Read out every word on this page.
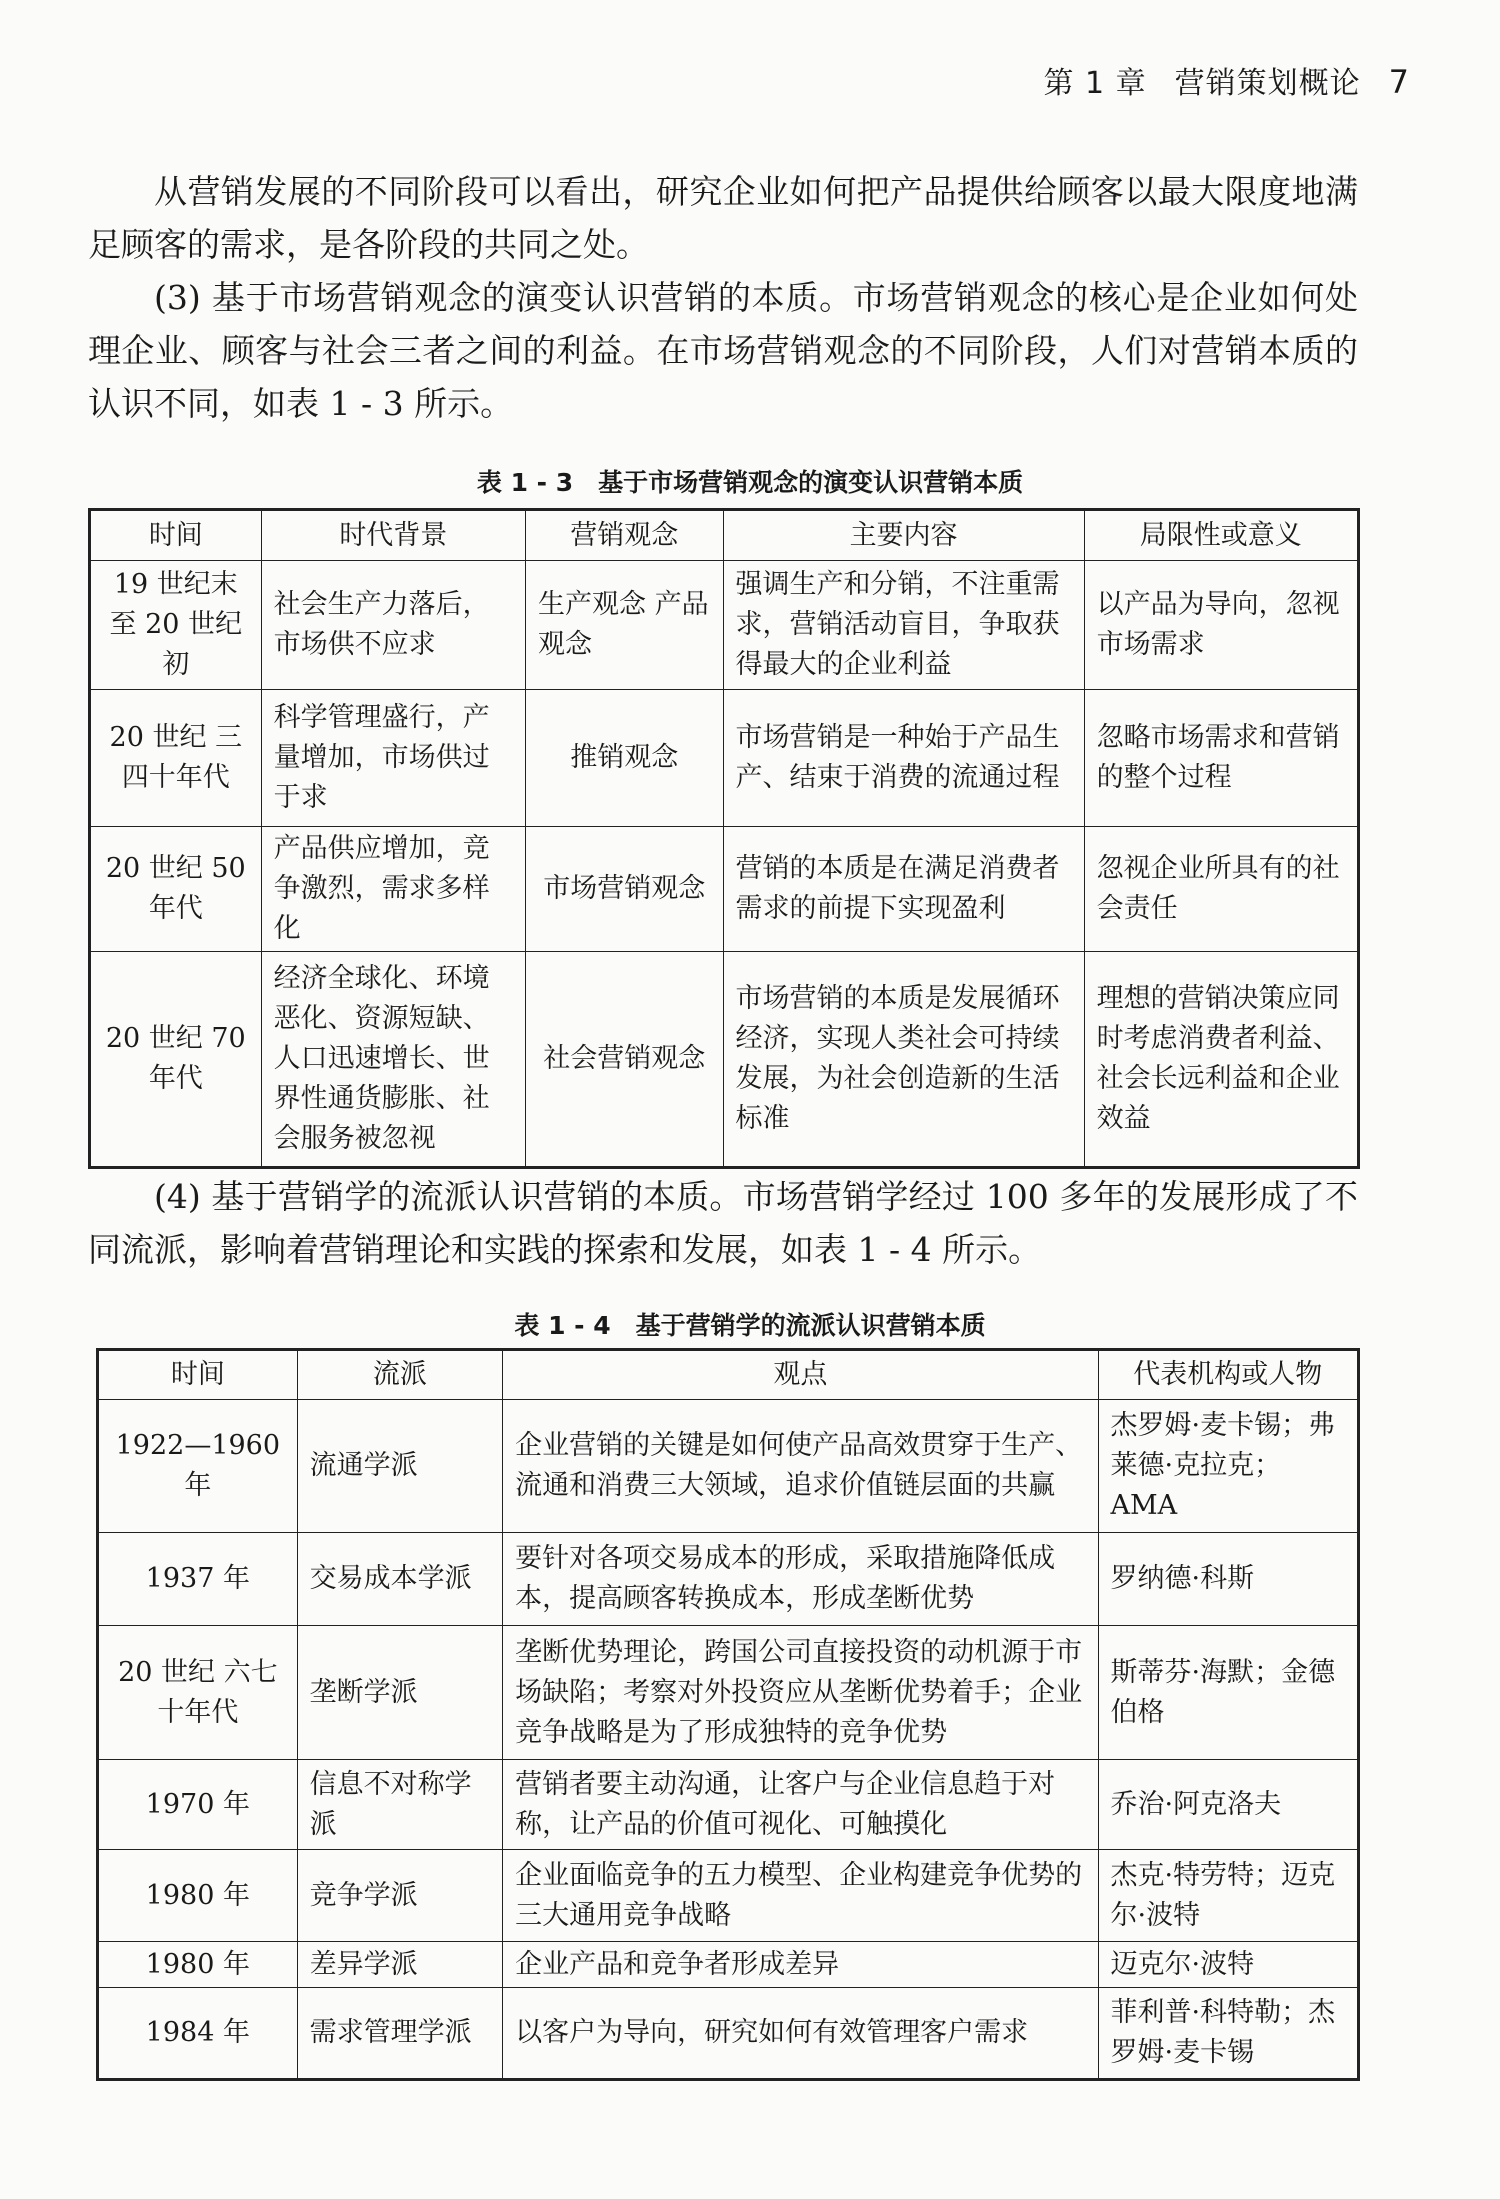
第 1 章 营销策划概论 7

从营销发展的不同阶段可以看出，研究企业如何把产品提供给顾客以最大限度地满足顾客的需求，是各阶段的共同之处。

(3) 基于市场营销观念的演变认识营销的本质。市场营销观念的核心是企业如何处理企业、顾客与社会三者之间的利益。在市场营销观念的不同阶段，人们对营销本质的认识不同，如表 1 - 3 所示。

表 1 - 3　基于市场营销观念的演变认识营销本质
时间	时代背景	营销观念	主要内容	局限性或意义
19 世纪末至 20 世纪初	社会生产力落后，市场供不应求	生产观念 产品观念	强调生产和分销，不注重需求，营销活动盲目，争取获得最大的企业利益	以产品为导向，忽视市场需求
20 世纪 三四十年代	科学管理盛行，产量增加，市场供过于求	推销观念	市场营销是一种始于产品生产、结束于消费的流通过程	忽略市场需求和营销的整个过程
20 世纪 50 年代	产品供应增加，竞争激烈，需求多样化	市场营销观念	营销的本质是在满足消费者需求的前提下实现盈利	忽视企业所具有的社会责任
20 世纪 70 年代	经济全球化、环境恶化、资源短缺、人口迅速增长、世界性通货膨胀、社会服务被忽视	社会营销观念	市场营销的本质是发展循环经济，实现人类社会可持续发展，为社会创造新的生活标准	理想的营销决策应同时考虑消费者利益、社会长远利益和企业效益

(4) 基于营销学的流派认识营销的本质。市场营销学经过 100 多年的发展形成了不同流派，影响着营销理论和实践的探索和发展，如表 1 - 4 所示。

表 1 - 4　基于营销学的流派认识营销本质
时间	流派	观点	代表机构或人物
1922—1960 年	流通学派	企业营销的关键是如何使产品高效贯穿于生产、流通和消费三大领域，追求价值链层面的共赢	杰罗姆·麦卡锡；弗莱德·克拉克；AMA
1937 年	交易成本学派	要针对各项交易成本的形成，采取措施降低成本，提高顾客转换成本，形成垄断优势	罗纳德·科斯
20 世纪 六七十年代	垄断学派	垄断优势理论，跨国公司直接投资的动机源于市场缺陷；考察对外投资应从垄断优势着手；企业竞争战略是为了形成独特的竞争优势	斯蒂芬·海默；金德伯格
1970 年	信息不对称学派	营销者要主动沟通，让客户与企业信息趋于对称，让产品的价值可视化、可触摸化	乔治·阿克洛夫
1980 年	竞争学派	企业面临竞争的五力模型、企业构建竞争优势的三大通用竞争战略	杰克·特劳特；迈克尔·波特
1980 年	差异学派	企业产品和竞争者形成差异	迈克尔·波特
1984 年	需求管理学派	以客户为导向，研究如何有效管理客户需求	菲利普·科特勒；杰罗姆·麦卡锡
